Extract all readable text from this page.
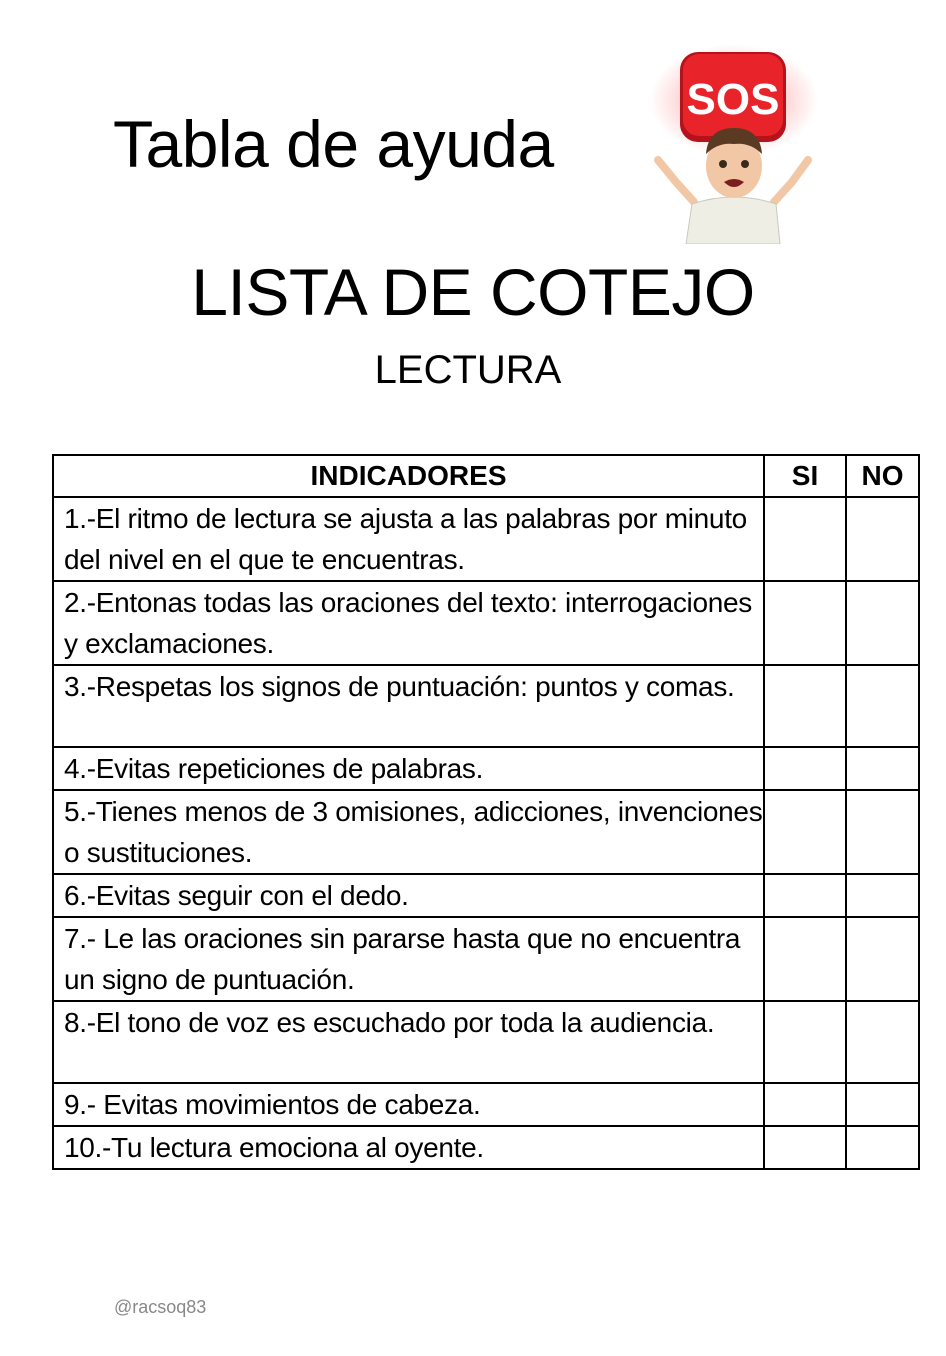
Tabla de ayuda
SOS
LISTA DE COTEJO
LECTURA
INDICADORES	SI	NO
1.-El ritmo de lectura se ajusta a las palabras por minuto del nivel en el que te encuentras.		
2.-Entonas todas las oraciones del texto: interrogaciones y exclamaciones.		
3.-Respetas los signos de puntuación: puntos y comas.		
4.-Evitas repeticiones de palabras.		
5.-Tienes menos de 3 omisiones, adicciones, invenciones o sustituciones.		
6.-Evitas seguir con el dedo.		
7.- Le las oraciones sin pararse hasta que no encuentra un signo de puntuación.		
8.-El tono de voz es escuchado por toda la audiencia.		
9.- Evitas movimientos de cabeza.		
10.-Tu lectura emociona al oyente.		
@racsoq83
